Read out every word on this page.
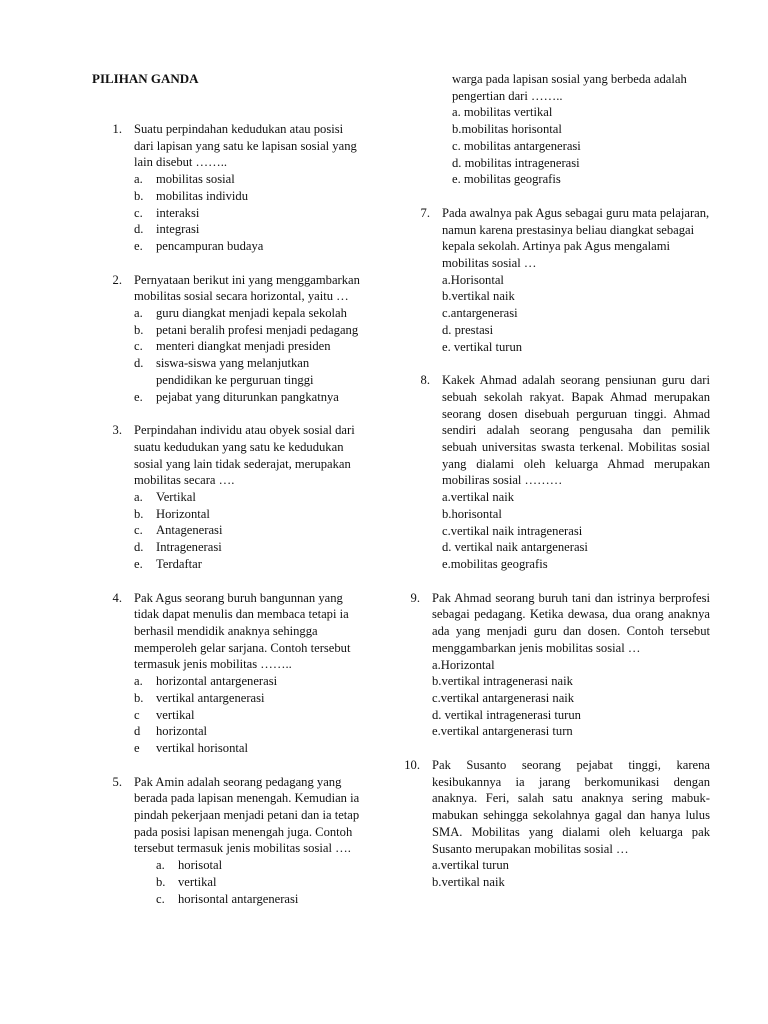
PILIHAN GANDA
1. Suatu perpindahan kedudukan atau posisi dari lapisan yang satu ke lapisan sosial yang lain disebut ……..
a. mobilitas sosial
b. mobilitas individu
c. interaksi
d. integrasi
e. pencampuran budaya
2. Pernyataan berikut ini yang menggambarkan mobilitas sosial secara horizontal, yaitu …
a. guru diangkat menjadi kepala sekolah
b. petani beralih profesi menjadi pedagang
c. menteri diangkat menjadi presiden
d. siswa-siswa yang melanjutkan pendidikan ke perguruan tinggi
e. pejabat yang diturunkan pangkatnya
3. Perpindahan individu atau obyek sosial dari suatu kedudukan yang satu ke kedudukan sosial yang lain tidak sederajat, merupakan mobilitas secara ….
a. Vertikal
b. Horizontal
c. Antagenerasi
d. Intragenerasi
e. Terdaftar
4. Pak Agus seorang buruh bangunnan yang tidak dapat menulis dan membaca tetapi ia berhasil mendidik anaknya sehingga memperoleh gelar sarjana. Contoh tersebut termasuk jenis mobilitas ……..
a. horizontal antargenerasi
b. vertikal antargenerasi
c vertikal
d horizontal
e vertikal horisontal
5. Pak Amin adalah seorang pedagang yang berada pada lapisan menengah. Kemudian ia pindah pekerjaan menjadi petani dan ia tetap pada posisi lapisan menengah juga. Contoh tersebut termasuk jenis mobilitas sosial ….
a. horisotal
b. vertikal
c. horisontal antargenerasi
warga pada lapisan sosial yang berbeda adalah pengertian dari ……..
a. mobilitas vertikal
b.mobilitas horisontal
c. mobilitas antargenerasi
d. mobilitas intragenerasi
e. mobilitas geografis
7. Pada awalnya pak Agus sebagai guru mata pelajaran, namun karena prestasinya beliau diangkat sebagai kepala sekolah. Artinya pak Agus mengalami mobilitas sosial …
a.Horisontal
b.vertikal naik
c.antargenerasi
d. prestasi
e. vertikal turun
8. Kakek Ahmad adalah seorang pensiunan guru dari sebuah sekolah rakyat. Bapak Ahmad merupakan seorang dosen disebuah perguruan tinggi. Ahmad sendiri adalah seorang pengusaha dan pemilik sebuah universitas swasta terkenal. Mobilitas sosial yang dialami oleh keluarga Ahmad merupakan mobiliras sosial ………
a.vertikal naik
b.horisontal
c.vertikal naik intragenerasi
d. vertikal naik antargenerasi
e.mobilitas geografis
9. Pak Ahmad seorang buruh tani dan istrinya berprofesi sebagai pedagang. Ketika dewasa, dua orang anaknya ada yang menjadi guru dan dosen. Contoh tersebut menggambarkan jenis mobilitas sosial …
a.Horizontal
b.vertikal intragenerasi naik
c.vertikal antargenerasi naik
d. vertikal intragenerasi turun
e.vertikal antargenerasi turn
10. Pak Susanto seorang pejabat tinggi, karena kesibukannya ia jarang berkomunikasi dengan anaknya. Feri, salah satu anaknya sering mabuk-mabukan sehingga sekolahnya gagal dan hanya lulus SMA. Mobilitas yang dialami oleh keluarga pak Susanto merupakan mobilitas sosial …
a.vertikal turun
b.vertikal naik
